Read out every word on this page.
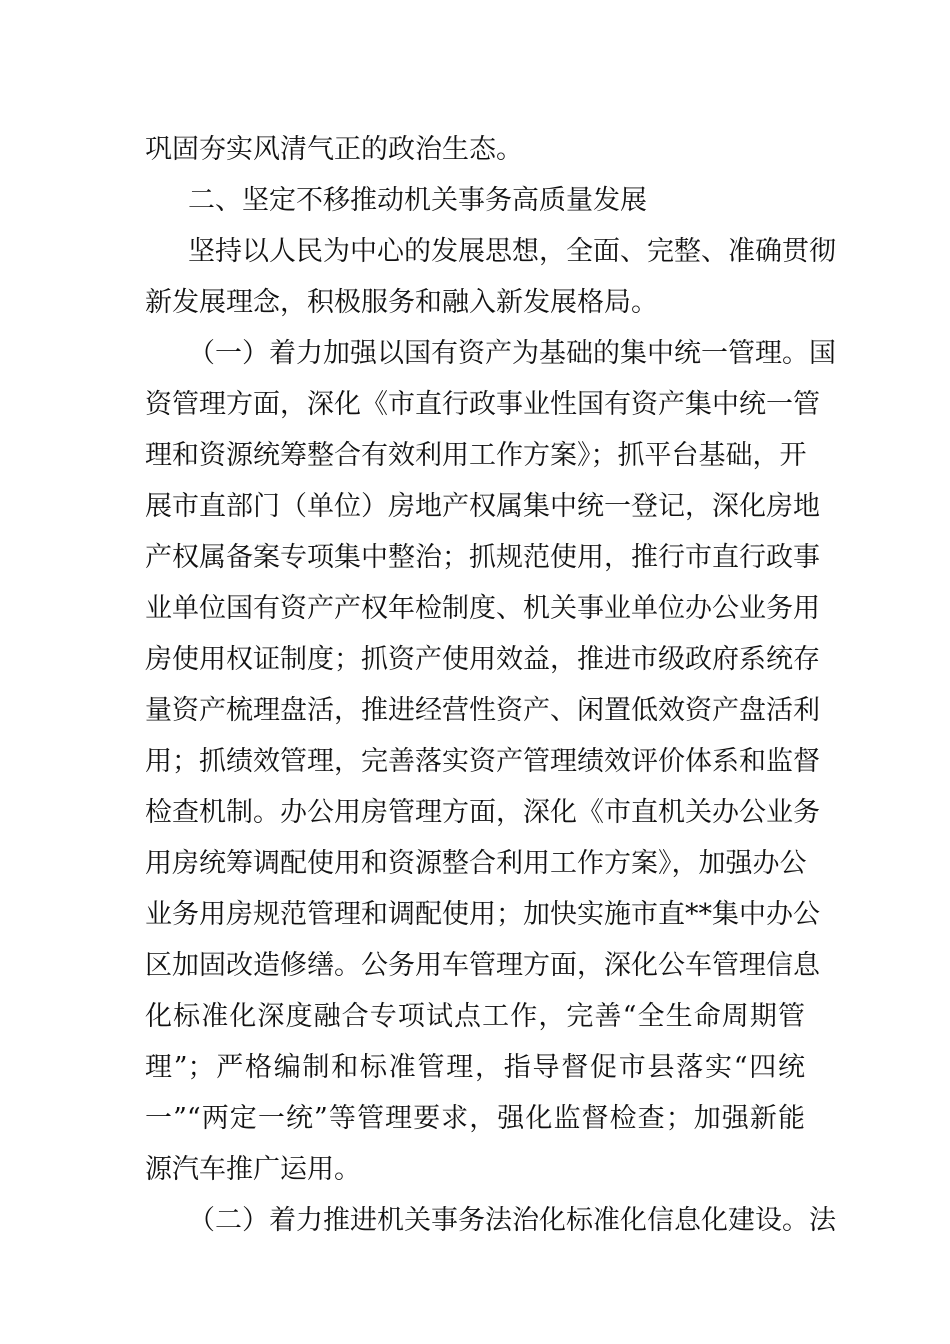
巩固夯实风清气正的政治生态。
二、坚定不移推动机关事务高质量发展
坚持以人民为中心的发展思想，全面、完整、准确贯彻
新发展理念，积极服务和融入新发展格局。
（一）着力加强以国有资产为基础的集中统一管理。国
资管理方面，深化《市直行政事业性国有资产集中统一管
理和资源统筹整合有效利用工作方案》；抓平台基础，开
展市直部门（单位）房地产权属集中统一登记，深化房地
产权属备案专项集中整治；抓规范使用，推行市直行政事
业单位国有资产产权年检制度、机关事业单位办公业务用
房使用权证制度；抓资产使用效益，推进市级政府系统存
量资产梳理盘活，推进经营性资产、闲置低效资产盘活利
用；抓绩效管理，完善落实资产管理绩效评价体系和监督
检查机制。办公用房管理方面，深化《市直机关办公业务
用房统筹调配使用和资源整合利用工作方案》，加强办公
业务用房规范管理和调配使用；加快实施市直**集中办公
区加固改造修缮。公务用车管理方面，深化公车管理信息
化标准化深度融合专项试点工作，完善“全生命周期管
理”；严格编制和标准管理，指导督促市县落实“四统
一”“两定一统”等管理要求，强化监督检查；加强新能
源汽车推广运用。
（二）着力推进机关事务法治化标准化信息化建设。法
